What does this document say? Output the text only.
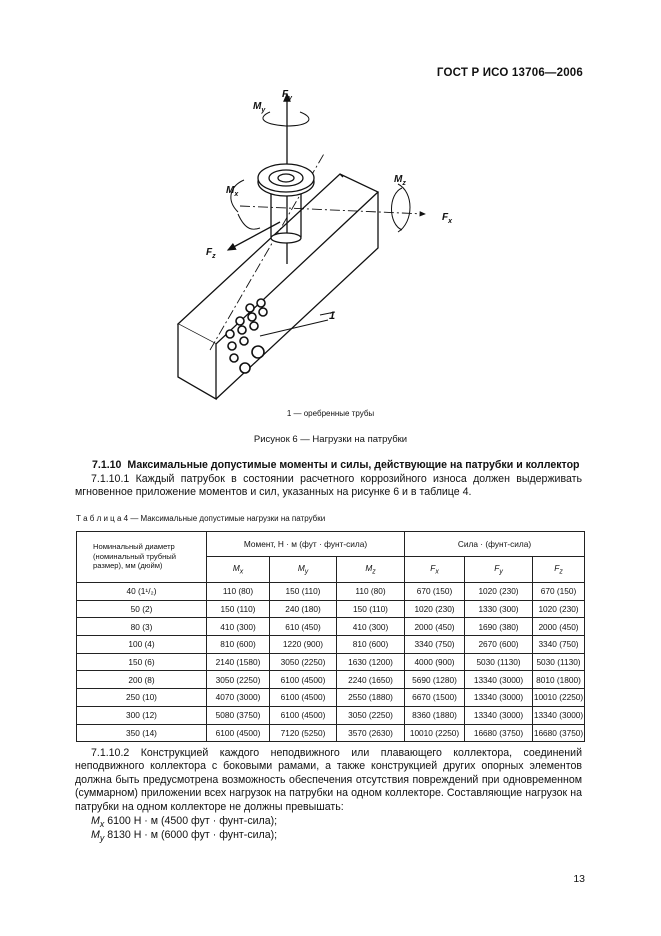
ГОСТ Р ИСО 13706—2006
$F_y$
$M_y$
$M_x$
$M_z$
$F_x$
$F_z$
1
1 — оребренные трубы
Рисунок 6 — Нагрузки на патрубки
7.1.10 Максимальные допустимые моменты и силы, действующие на патрубки и коллектор

7.1.10.1 Каждый патрубок в состоянии расчетного коррозийного износа должен выдерживать мгновенное приложение моментов и сил, указанных на рисунке 6 и в таблице 4.

Т а б л и ц а 4 — Максимальные допустимые нагрузки на патрубки
Номинальный диаметр (номинальный трубный размер), мм (дюйм)	Момент, Н · м (фут · фунт-сила)			Сила · (фунт-сила)		
	$M_x$	$M_y$	$M_z$	$F_x$	$F_y$	$F_z$
40 (1¹/₂)	110 (80)	150 (110)	110 (80)	670 (150)	1020 (230)	670 (150)
50 (2)	150 (110)	240 (180)	150 (110)	1020 (230)	1330 (300)	1020 (230)
80 (3)	410 (300)	610 (450)	410 (300)	2000 (450)	1690 (380)	2000 (450)
100 (4)	810 (600)	1220 (900)	810 (600)	3340 (750)	2670 (600)	3340 (750)
150 (6)	2140 (1580)	3050 (2250)	1630 (1200)	4000 (900)	5030 (1130)	5030 (1130)
200 (8)	3050 (2250)	6100 (4500)	2240 (1650)	5690 (1280)	13340 (3000)	8010 (1800)
250 (10)	4070 (3000)	6100 (4500)	2550 (1880)	6670 (1500)	13340 (3000)	10010 (2250)
300 (12)	5080 (3750)	6100 (4500)	3050 (2250)	8360 (1880)	13340 (3000)	13340 (3000)
350 (14)	6100 (4500)	7120 (5250)	3570 (2630)	10010 (2250)	16680 (3750)	16680 (3750)

7.1.10.2 Конструкцией каждого неподвижного или плавающего коллектора, соединений неподвижного коллектора с боковыми рамами, а также конструкцией других опорных элементов должна быть предусмотрена возможность обеспечения отсутствия повреждений при одновременном (суммарном) приложении всех нагрузок на патрубки на одном коллекторе. Составляющие нагрузок на патрубки на одном коллекторе не должны превышать:

$M_x$ 6100 Н · м (4500 фут · фунт-сила);
$M_y$ 8130 Н · м (6000 фут · фунт-сила);
13
